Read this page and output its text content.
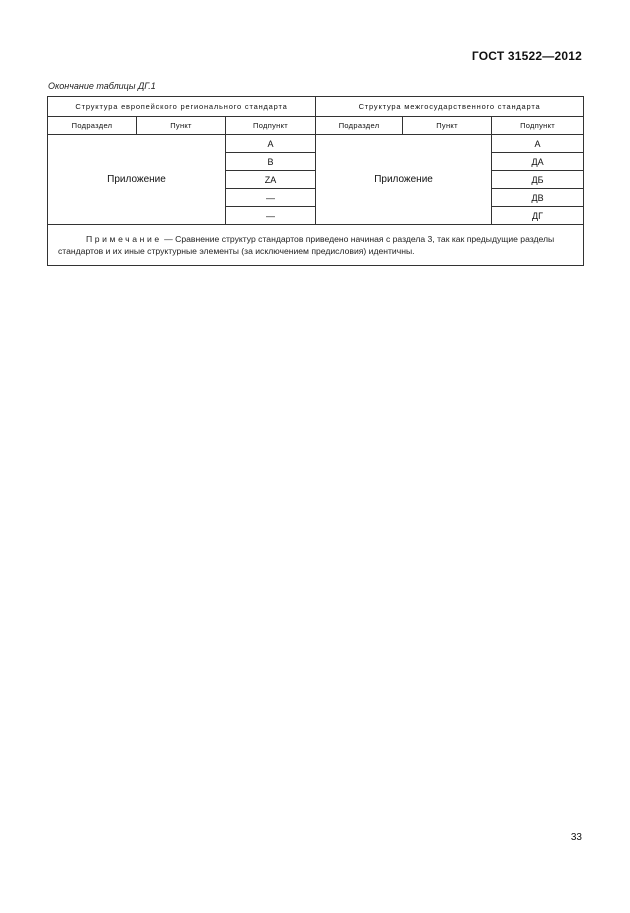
ГОСТ 31522—2012
Окончание таблицы ДГ.1
Структура европейского регионального стандарта			Структура межгосударственного стандарта		
Подраздел	Пункт	Подпункт	Подраздел	Пункт	Подпункт
Приложение		A	Приложение		A
		B			ДА
		ZA			ДБ
		—			ДВ
		—			ДГ
Примечание — Сравнение структур стандартов приведено начиная с раздела 3, так как предыдущие разделы стандартов и их иные структурные элементы (за исключением предисловия) идентичны.					
33
